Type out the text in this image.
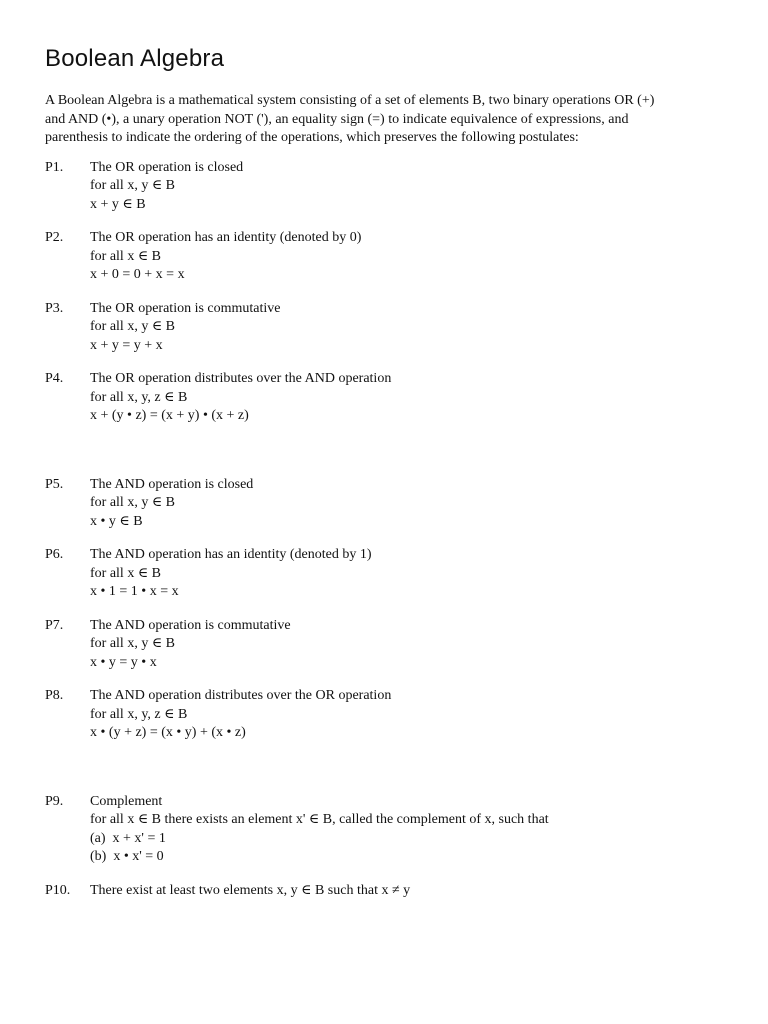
Boolean Algebra

A Boolean Algebra is a mathematical system consisting of a set of elements B, two binary operations OR (+)
and AND (•), a unary operation NOT ('), an equality sign (=) to indicate equivalence of expressions, and
parenthesis to indicate the ordering of the operations, which preserves the following postulates:

P1.	The OR operation is closed
for all x, y ∈ B
x + y ∈ B
P2.	The OR operation has an identity (denoted by 0)
for all x ∈ B
x + 0 = 0 + x = x
P3.	The OR operation is commutative
for all x, y ∈ B
x + y = y + x
P4.	The OR operation distributes over the AND operation
for all x, y, z ∈ B
x + (y • z) = (x + y) • (x + z)
P5.	The AND operation is closed
for all x, y ∈ B
x • y ∈ B
P6.	The AND operation has an identity (denoted by 1)
for all x ∈ B
x • 1 = 1 • x = x
P7.	The AND operation is commutative
for all x, y ∈ B
x • y = y • x
P8.	The AND operation distributes over the OR operation
for all x, y, z ∈ B
x • (y + z) = (x • y) + (x • z)
P9.	Complement
for all x ∈ B there exists an element x' ∈ B, called the complement of x, such that
(a)  x + x' = 1
(b)  x • x' = 0
P10.	There exist at least two elements x, y ∈ B such that x ≠ y
